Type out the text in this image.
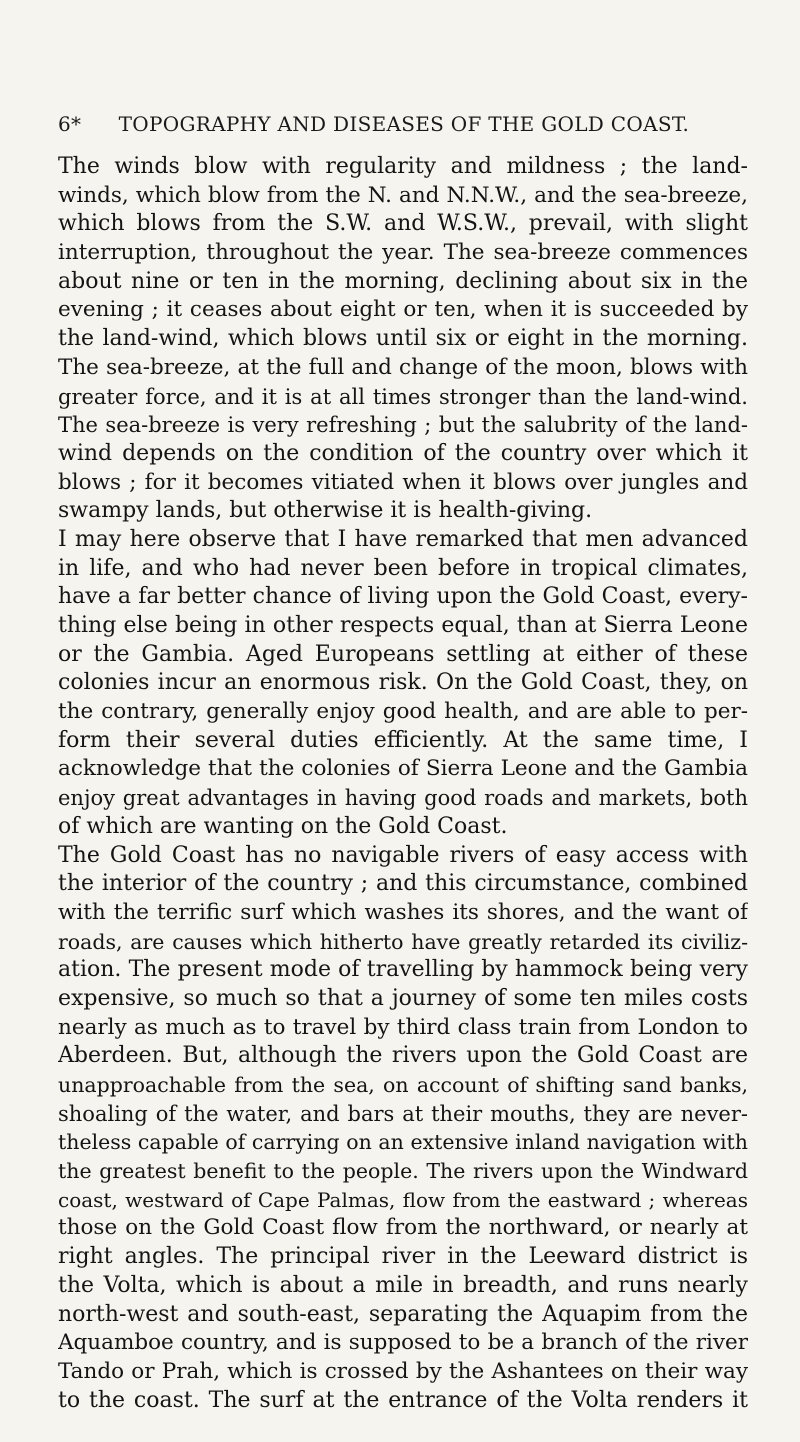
6* TOPOGRAPHY AND DISEASES OF THE GOLD COAST.
The winds blow with regularity and mildness ; the land-
winds, which blow from the N. and N.N.W., and the sea-breeze,
which blows from the S.W. and W.S.W., prevail, with slight
interruption, throughout the year. The sea-breeze commences
about nine or ten in the morning, declining about six in the
evening ; it ceases about eight or ten, when it is succeeded by
the land-wind, which blows until six or eight in the morning.
The sea-breeze, at the full and change of the moon, blows with
greater force, and it is at all times stronger than the land-wind.
The sea-breeze is very refreshing ; but the salubrity of the land-
wind depends on the condition of the country over which it
blows ; for it becomes vitiated when it blows over jungles and
swampy lands, but otherwise it is health-giving.
I may here observe that I have remarked that men advanced
in life, and who had never been before in tropical climates,
have a far better chance of living upon the Gold Coast, every-
thing else being in other respects equal, than at Sierra Leone
or the Gambia. Aged Europeans settling at either of these
colonies incur an enormous risk. On the Gold Coast, they, on
the contrary, generally enjoy good health, and are able to per-
form their several duties efficiently. At the same time, I
acknowledge that the colonies of Sierra Leone and the Gambia
enjoy great advantages in having good roads and markets, both
of which are wanting on the Gold Coast.
The Gold Coast has no navigable rivers of easy access with
the interior of the country ; and this circumstance, combined
with the terrific surf which washes its shores, and the want of
roads, are causes which hitherto have greatly retarded its civiliz-
ation. The present mode of travelling by hammock being very
expensive, so much so that a journey of some ten miles costs
nearly as much as to travel by third class train from London to
Aberdeen. But, although the rivers upon the Gold Coast are
unapproachable from the sea, on account of shifting sand banks,
shoaling of the water, and bars at their mouths, they are never-
theless capable of carrying on an extensive inland navigation with
the greatest benefit to the people. The rivers upon the Windward
coast, westward of Cape Palmas, flow from the eastward ; whereas
those on the Gold Coast flow from the northward, or nearly at
right angles. The principal river in the Leeward district is
the Volta, which is about a mile in breadth, and runs nearly
north-west and south-east, separating the Aquapim from the
Aquamboe country, and is supposed to be a branch of the river
Tando or Prah, which is crossed by the Ashantees on their way
to the coast. The surf at the entrance of the Volta renders it
